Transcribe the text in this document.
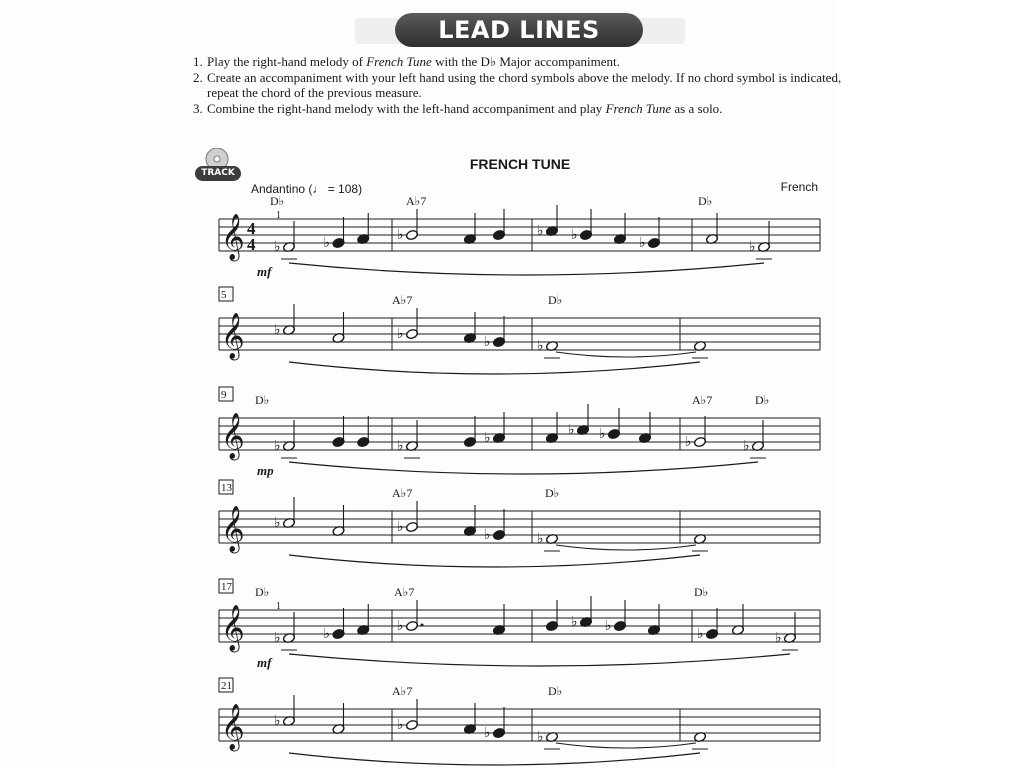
LEAD LINES
1. Play the right-hand melody of French Tune with the D♭ Major accompaniment.
2. Create an accompaniment with your left hand using the chord symbols above the melody. If no chord symbol is indicated, repeat the chord of the previous measure.
3. Combine the right-hand melody with the left-hand accompaniment and play French Tune as a solo.
TRACK 49
FRENCH TUNE
French
Andantino (♩ = 108)
𝄞 4
4
D♭	A♭7	D♭
1
mf
♭	♭	♭	♭ ♭	♭	♭
𝄞
5	A♭7	D♭
♭	♭	♭	♭
𝄞
9 D♭	A♭7	D♭
mp
♭	♭	♭	♭ ♭	♭	♭
𝄞
13	A♭7	D♭
♭	♭	♭	♭
𝄞
17 D♭	A♭7	D♭
1
mf
♭	♭	♭	♭ ♭	♭	♭
𝄞
21	A♭7	D♭
♭	♭	♭	♭
